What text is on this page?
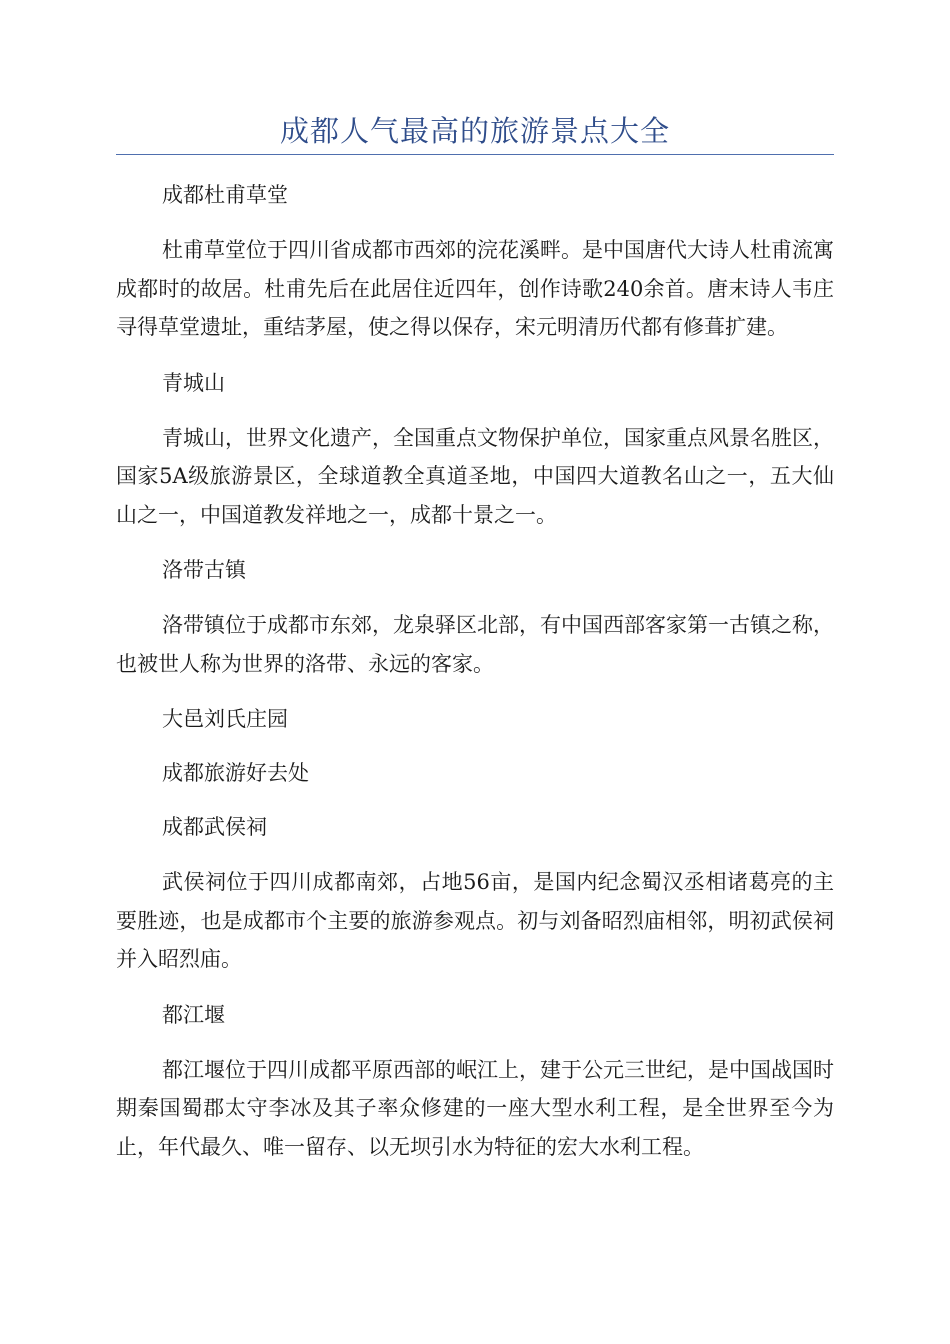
成都人气最高的旅游景点大全
成都杜甫草堂

杜甫草堂位于四川省成都市西郊的浣花溪畔。是中国唐代大诗人杜甫流寓成都时的故居。杜甫先后在此居住近四年，创作诗歌240余首。唐末诗人韦庄寻得草堂遗址，重结茅屋，使之得以保存，宋元明清历代都有修葺扩建。

青城山

青城山，世界文化遗产，全国重点文物保护单位，国家重点风景名胜区，国家5A级旅游景区，全球道教全真道圣地，中国四大道教名山之一，五大仙山之一，中国道教发祥地之一，成都十景之一。

洛带古镇

洛带镇位于成都市东郊，龙泉驿区北部，有中国西部客家第一古镇之称，也被世人称为世界的洛带、永远的客家。

大邑刘氏庄园
成都旅游好去处
成都武侯祠

武侯祠位于四川成都南郊，占地56亩，是国内纪念蜀汉丞相诸葛亮的主要胜迹，也是成都市个主要的旅游参观点。初与刘备昭烈庙相邻，明初武侯祠并入昭烈庙。

都江堰

都江堰位于四川成都平原西部的岷江上，建于公元三世纪，是中国战国时期秦国蜀郡太守李冰及其子率众修建的一座大型水利工程，是全世界至今为止，年代最久、唯一留存、以无坝引水为特征的宏大水利工程。
